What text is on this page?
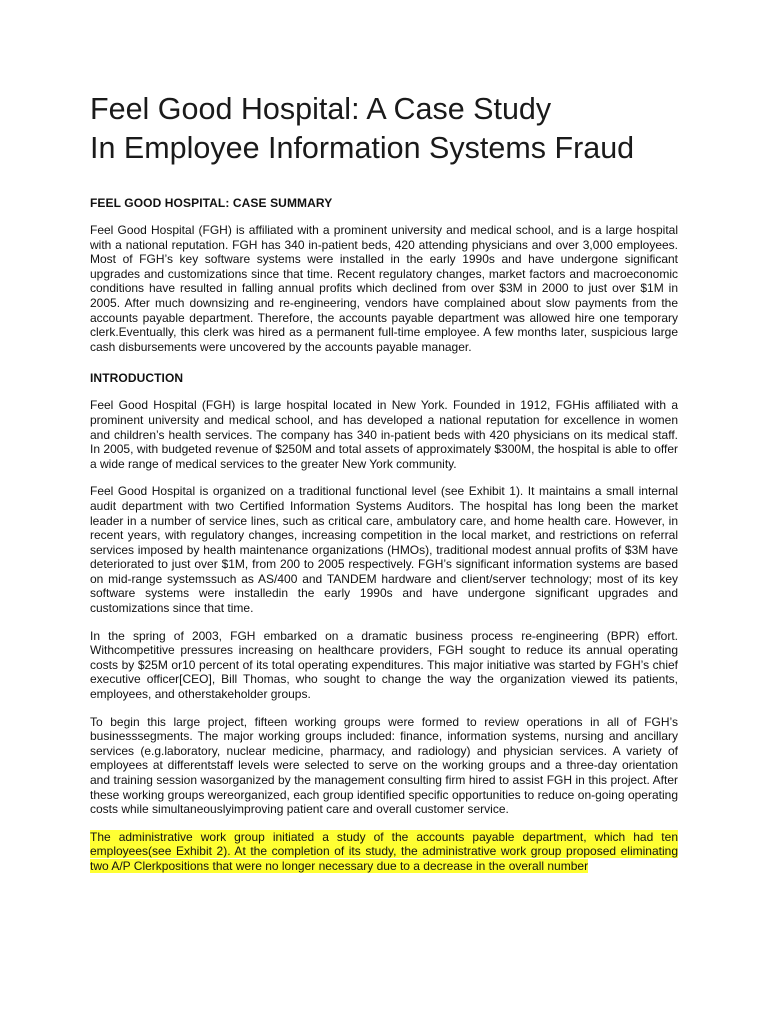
Feel Good Hospital: A Case Study
In Employee Information Systems Fraud
FEEL GOOD HOSPITAL: CASE SUMMARY

Feel Good Hospital (FGH) is affiliated with a prominent university and medical school, and is a large hospital with a national reputation. FGH has 340 in-patient beds, 420 attending physicians and over 3,000 employees. Most of FGH’s key software systems were installed in the early 1990s and have undergone significant upgrades and customizations since that time. Recent regulatory changes, market factors and macroeconomic conditions have resulted in falling annual profits which declined from over $3M in 2000 to just over $1M in 2005. After much downsizing and re-engineering, vendors have complained about slow payments from the accounts payable department. Therefore, the accounts payable department was allowed hire one temporary clerk.Eventually, this clerk was hired as a permanent full-time employee. A few months later, suspicious large cash disbursements were uncovered by the accounts payable manager.

INTRODUCTION

Feel Good Hospital (FGH) is large hospital located in New York. Founded in 1912, FGHis affiliated with a prominent university and medical school, and has developed a national reputation for excellence in women and children’s health services. The company has 340 in-patient beds with 420 physicians on its medical staff. In 2005, with budgeted revenue of $250M and total assets of approximately $300M, the hospital is able to offer a wide range of medical services to the greater New York community.

Feel Good Hospital is organized on a traditional functional level (see Exhibit 1). It maintains a small internal audit department with two Certified Information Systems Auditors. The hospital has long been the market leader in a number of service lines, such as critical care, ambulatory care, and home health care. However, in recent years, with regulatory changes, increasing competition in the local market, and restrictions on referral services imposed by health maintenance organizations (HMOs), traditional modest annual profits of $3M have deteriorated to just over $1M, from 200 to 2005 respectively. FGH’s significant information systems are based on mid-range systemssuch as AS/400 and TANDEM hardware and client/server technology; most of its key software systems were installedin the early 1990s and have undergone significant upgrades and customizations since that time.

In the spring of 2003, FGH embarked on a dramatic business process re-engineering (BPR) effort. Withcompetitive pressures increasing on healthcare providers, FGH sought to reduce its annual operating costs by $25M or10 percent of its total operating expenditures. This major initiative was started by FGH’s chief executive officer[CEO], Bill Thomas, who sought to change the way the organization viewed its patients, employees, and otherstakeholder groups.

To begin this large project, fifteen working groups were formed to review operations in all of FGH’s businesssegments. The major working groups included: finance, information systems, nursing and ancillary services (e.g.laboratory, nuclear medicine, pharmacy, and radiology) and physician services. A variety of employees at differentstaff levels were selected to serve on the working groups and a three-day orientation and training session wasorganized by the management consulting firm hired to assist FGH in this project. After these working groups wereorganized, each group identified specific opportunities to reduce on-going operating costs while simultaneouslyimproving patient care and overall customer service.

The administrative work group initiated a study of the accounts payable department, which had ten employees(see Exhibit 2). At the completion of its study, the administrative work group proposed eliminating two A/P Clerkpositions that were no longer necessary due to a decrease in the overall number
